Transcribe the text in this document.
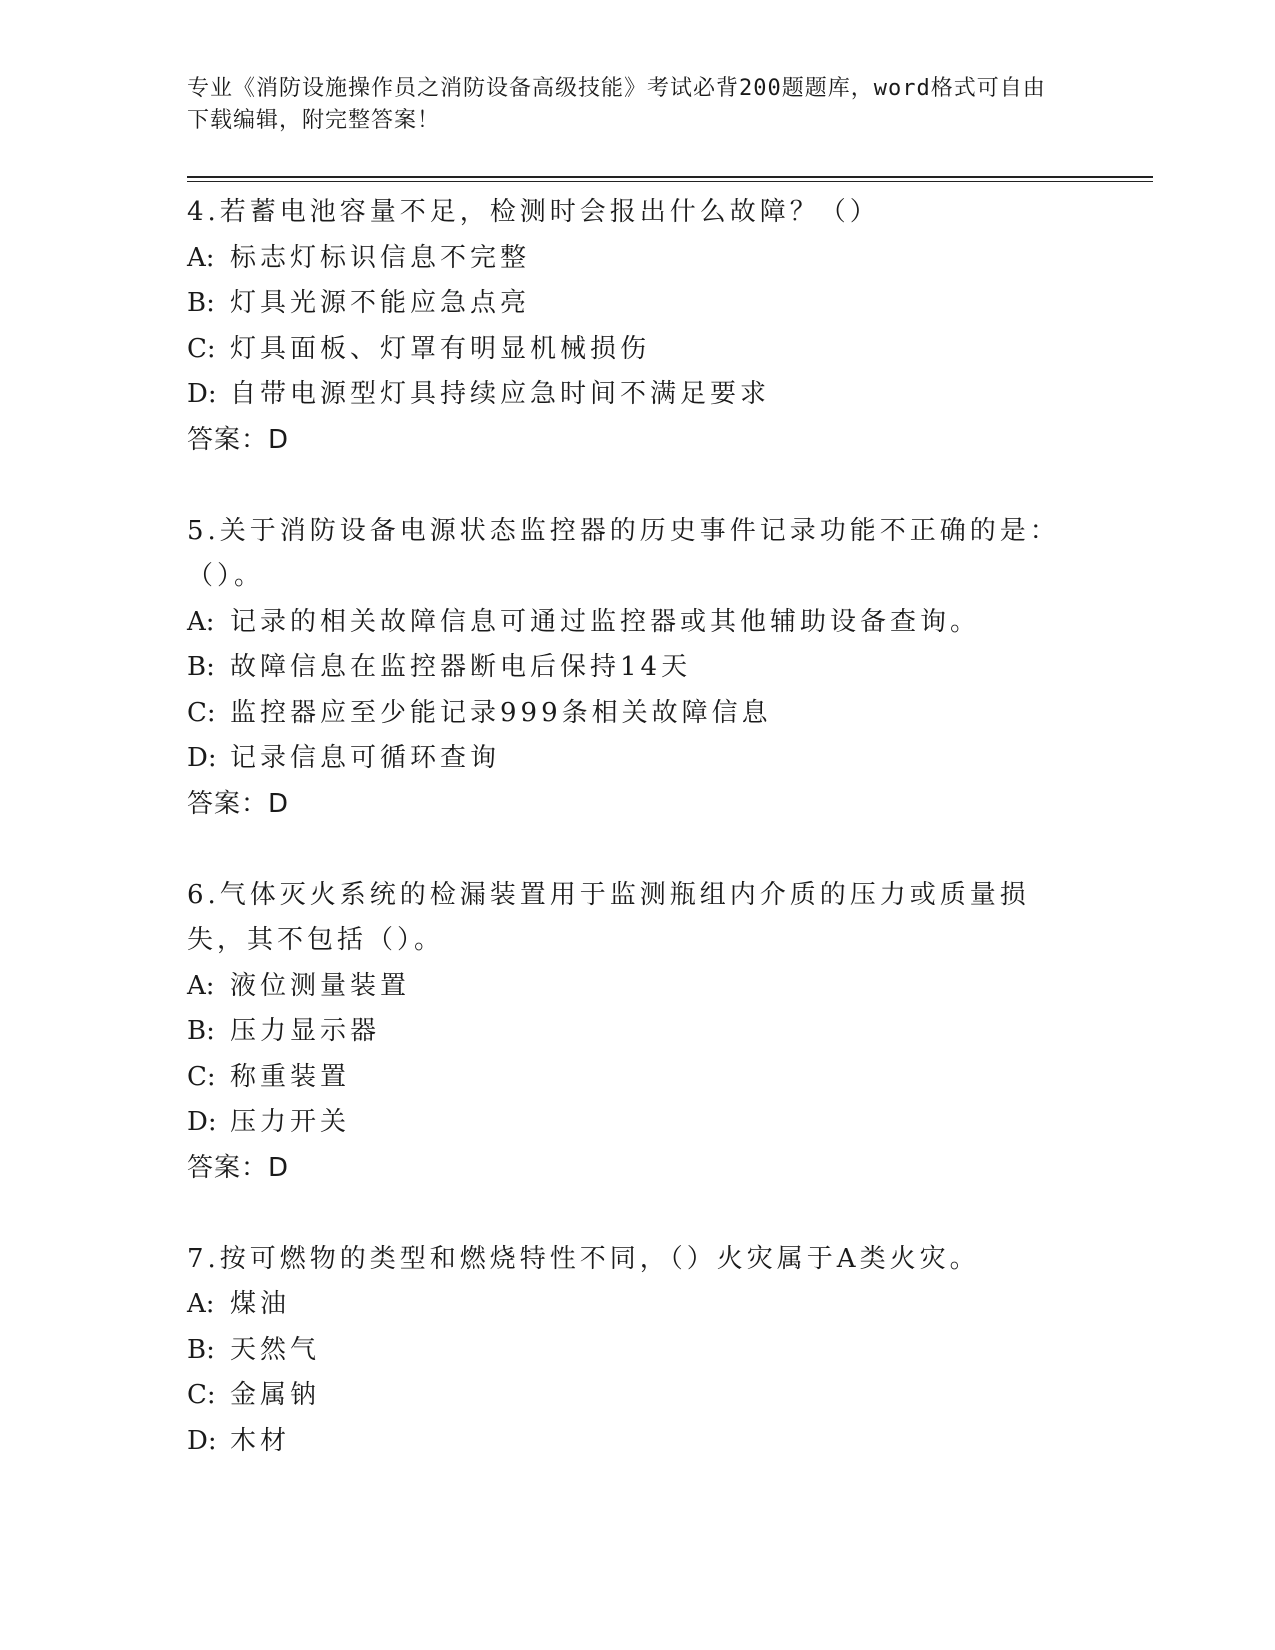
专业《消防设施操作员之消防设备高级技能》考试必背200题题库，word格式可自由下载编辑，附完整答案！

4.若蓄电池容量不足，检测时会报出什么故障？（）

A: 标志灯标识信息不完整

B: 灯具光源不能应急点亮

C: 灯具面板、灯罩有明显机械损伤

D: 自带电源型灯具持续应急时间不满足要求

答案：D

5.关于消防设备电源状态监控器的历史事件记录功能不正确的是：（）。

A: 记录的相关故障信息可通过监控器或其他辅助设备查询。

B: 故障信息在监控器断电后保持14天

C: 监控器应至少能记录999条相关故障信息

D: 记录信息可循环查询

答案：D

6.气体灭火系统的检漏装置用于监测瓶组内介质的压力或质量损失，其不包括（）。

A: 液位测量装置

B: 压力显示器

C: 称重装置

D: 压力开关

答案：D

7.按可燃物的类型和燃烧特性不同，（）火灾属于A类火灾。

A: 煤油

B: 天然气

C: 金属钠

D: 木材
